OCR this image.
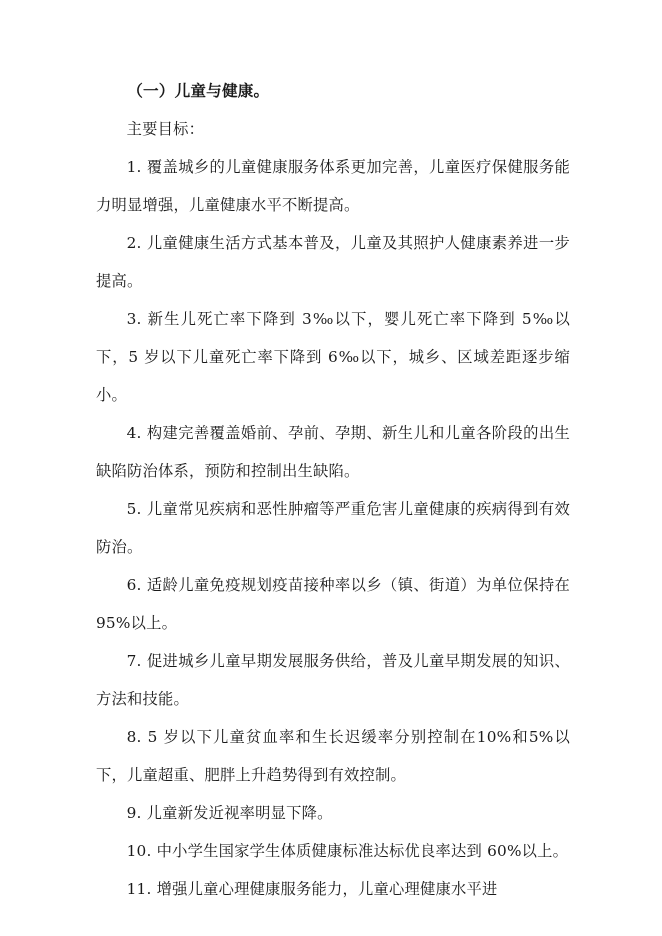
（一）儿童与健康。

主要目标：

1. 覆盖城乡的儿童健康服务体系更加完善，儿童医疗保健服务能力明显增强，儿童健康水平不断提高。

2. 儿童健康生活方式基本普及，儿童及其照护人健康素养进一步提高。

3. 新生儿死亡率下降到 3‰以下，婴儿死亡率下降到 5‰以下，5 岁以下儿童死亡率下降到 6‰以下，城乡、区域差距逐步缩小。

4. 构建完善覆盖婚前、孕前、孕期、新生儿和儿童各阶段的出生缺陷防治体系，预防和控制出生缺陷。

5. 儿童常见疾病和恶性肿瘤等严重危害儿童健康的疾病得到有效防治。

6. 适龄儿童免疫规划疫苗接种率以乡（镇、街道）为单位保持在 95%以上。

7. 促进城乡儿童早期发展服务供给，普及儿童早期发展的知识、方法和技能。

8. 5 岁以下儿童贫血率和生长迟缓率分别控制在10%和5%以下，儿童超重、肥胖上升趋势得到有效控制。

9. 儿童新发近视率明显下降。

10. 中小学生国家学生体质健康标准达标优良率达到 60%以上。

11. 增强儿童心理健康服务能力，儿童心理健康水平进
